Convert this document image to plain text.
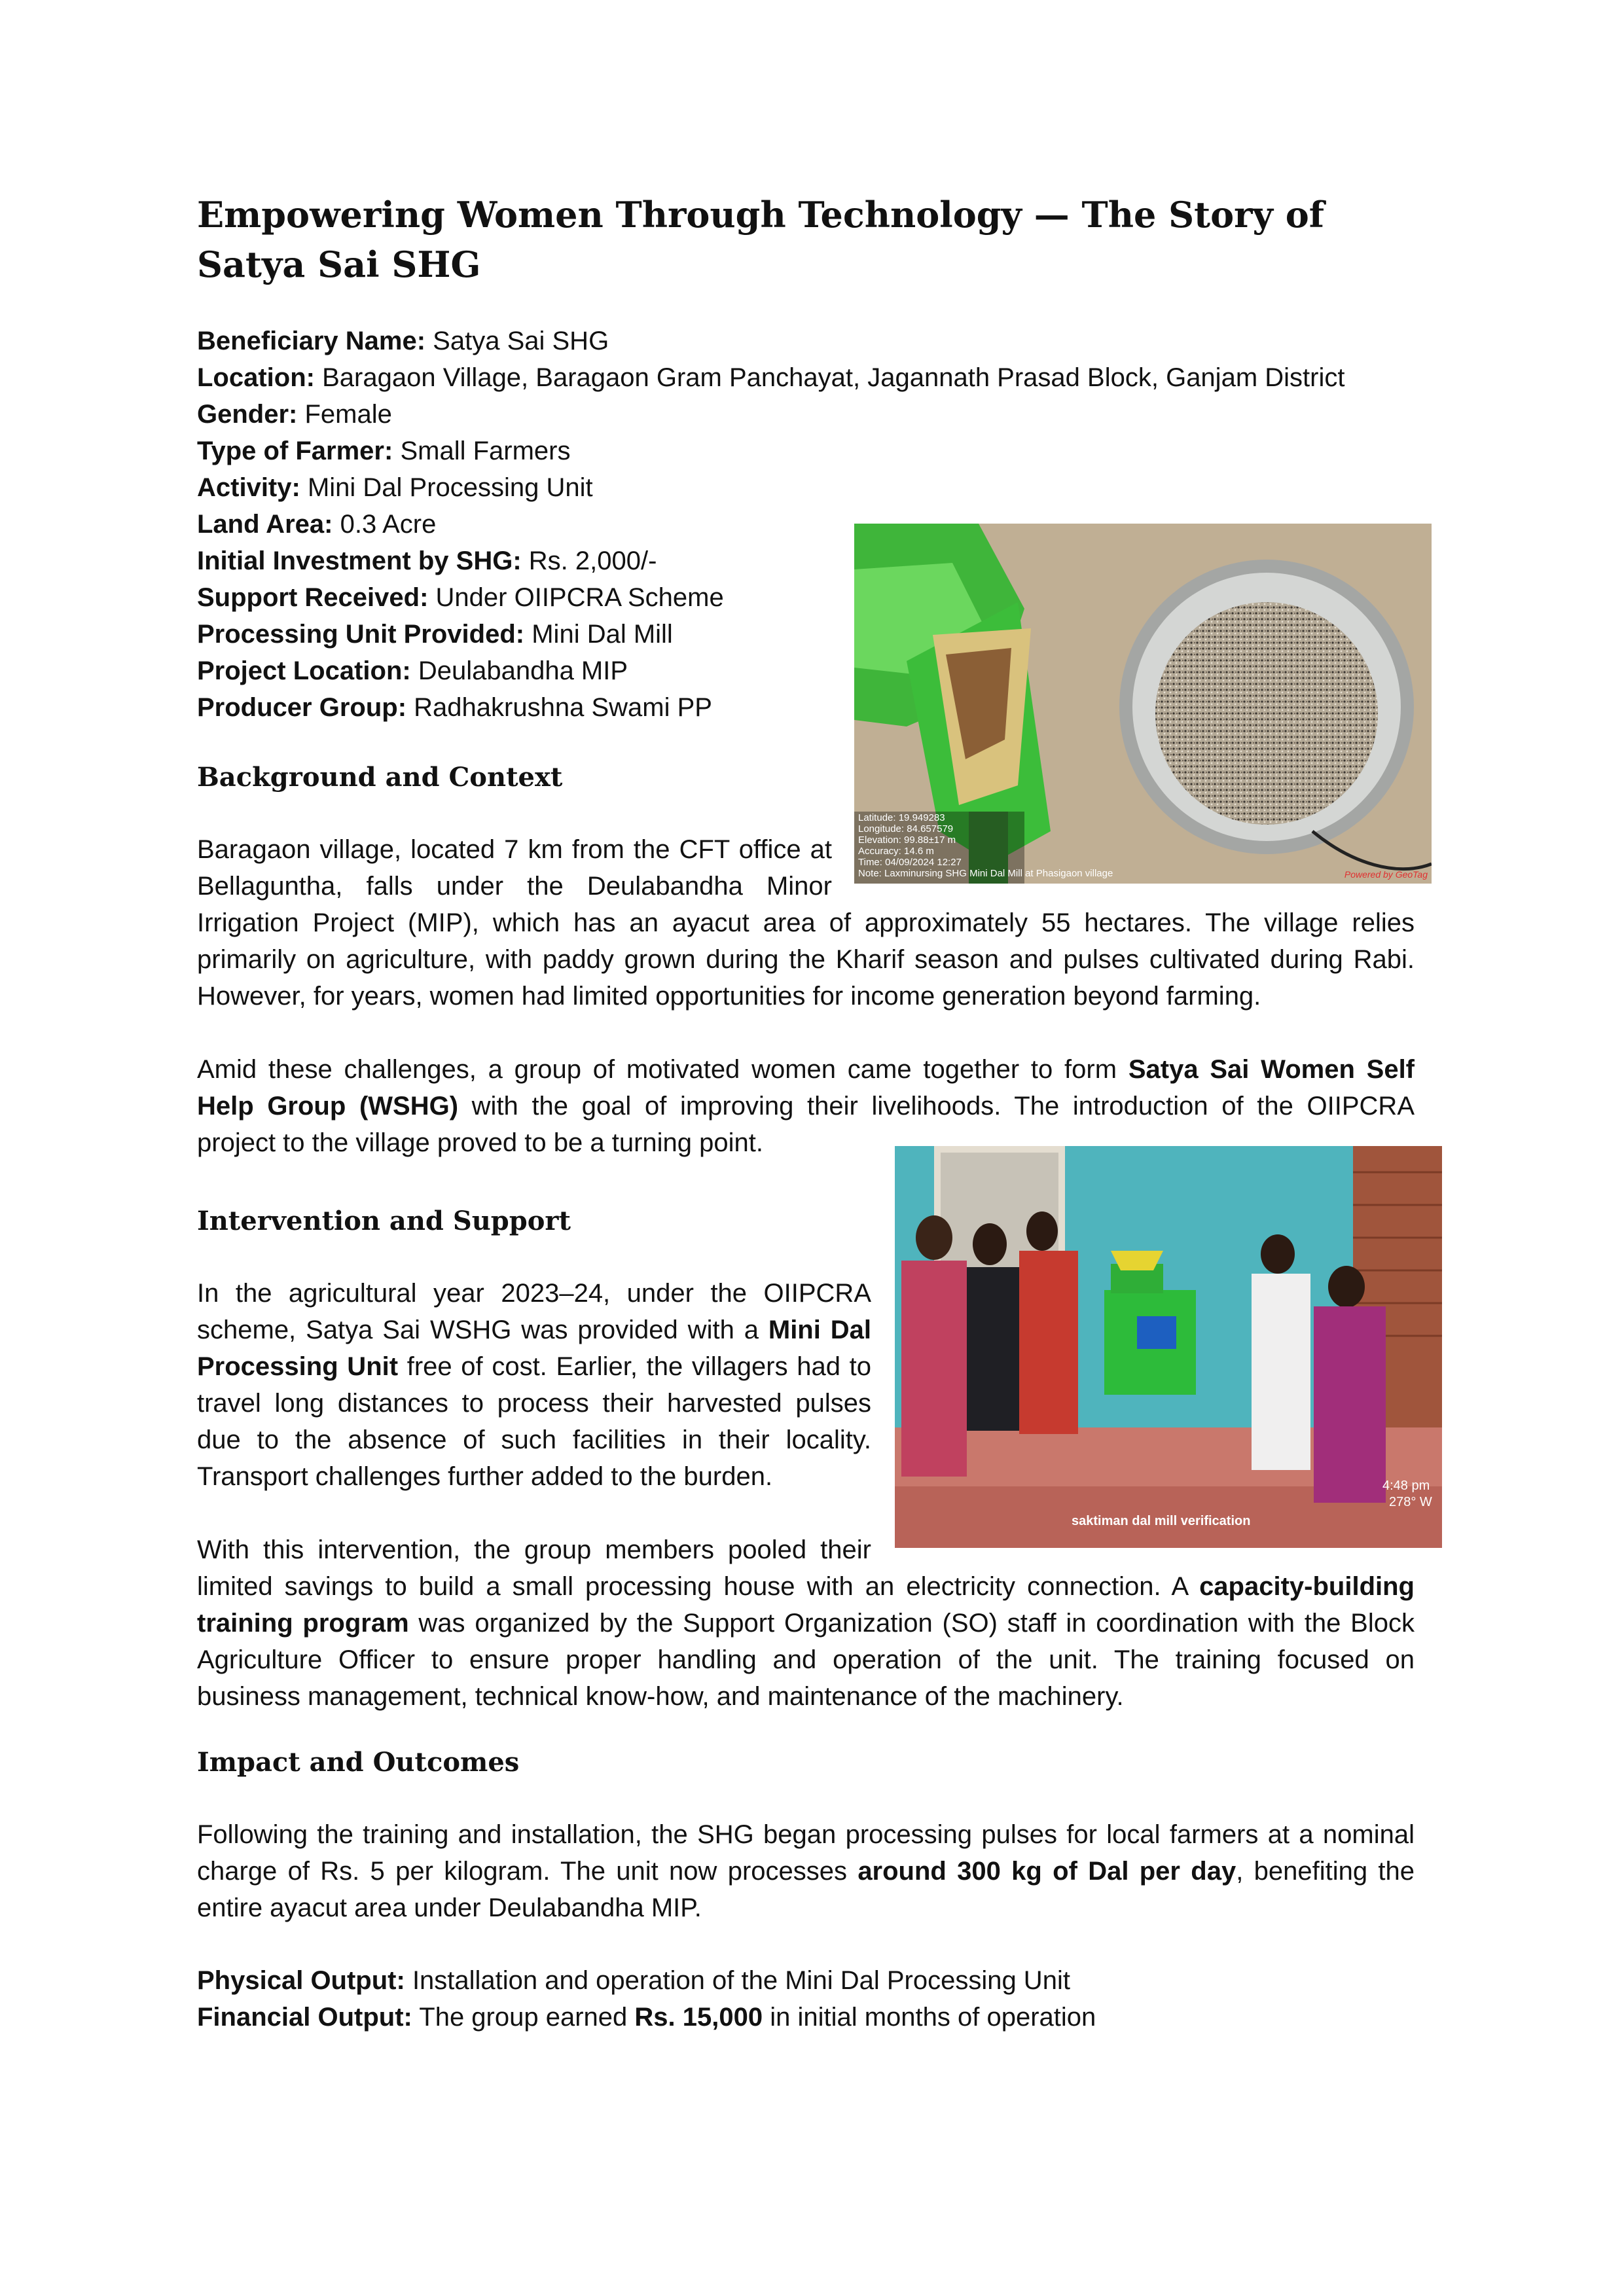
Empowering Women Through Technology — The Story of Satya Sai SHG
Beneficiary Name: Satya Sai SHG
Location: Baragaon Village, Baragaon Gram Panchayat, Jagannath Prasad Block, Ganjam District
Gender: Female
Type of Farmer: Small Farmers
Activity: Mini Dal Processing Unit
Land Area: 0.3 Acre
Initial Investment by SHG: Rs. 2,000/-
Support Received: Under OIIPCRA Scheme
Processing Unit Provided: Mini Dal Mill
Project Location: Deulabandha MIP
Producer Group: Radhakrushna Swami PP
Latitude: 19.949283
Longitude: 84.657579
Elevation: 99.88±17 m
Accuracy: 14.6 m
Time: 04/09/2024 12:27
Note: Laxminursing SHG Mini Dal Mill at Phasigaon village	Powered by GeoTag
saktiman dal mill verification
4:48 pm
278° W
Background and Context
Baragaon village, located 7 km from the CFT office at
Bellaguntha, falls under the Deulabandha Minor
Irrigation Project (MIP), which has an ayacut area of approximately 55 hectares. The village relies
primarily on agriculture, with paddy grown during the Kharif season and pulses cultivated during Rabi.
However, for years, women had limited opportunities for income generation beyond farming.
Amid these challenges, a group of motivated women came together to form Satya Sai Women Self
Help Group (WSHG) with the goal of improving their livelihoods. The introduction of the OIIPCRA
project to the village proved to be a turning point.
Intervention and Support
In the agricultural year 2023–24, under the OIIPCRA
scheme, Satya Sai WSHG was provided with a Mini Dal
Processing Unit free of cost. Earlier, the villagers had to
travel long distances to process their harvested pulses
due to the absence of such facilities in their locality.
Transport challenges further added to the burden.
With this intervention, the group members pooled their
limited savings to build a small processing house with an electricity connection. A capacity-building
training program was organized by the Support Organization (SO) staff in coordination with the Block
Agriculture Officer to ensure proper handling and operation of the unit. The training focused on
business management, technical know-how, and maintenance of the machinery.
Impact and Outcomes
Following the training and installation, the SHG began processing pulses for local farmers at a nominal
charge of Rs. 5 per kilogram. The unit now processes around 300 kg of Dal per day, benefiting the
entire ayacut area under Deulabandha MIP.
Physical Output: Installation and operation of the Mini Dal Processing Unit
Financial Output: The group earned Rs. 15,000 in initial months of operation
